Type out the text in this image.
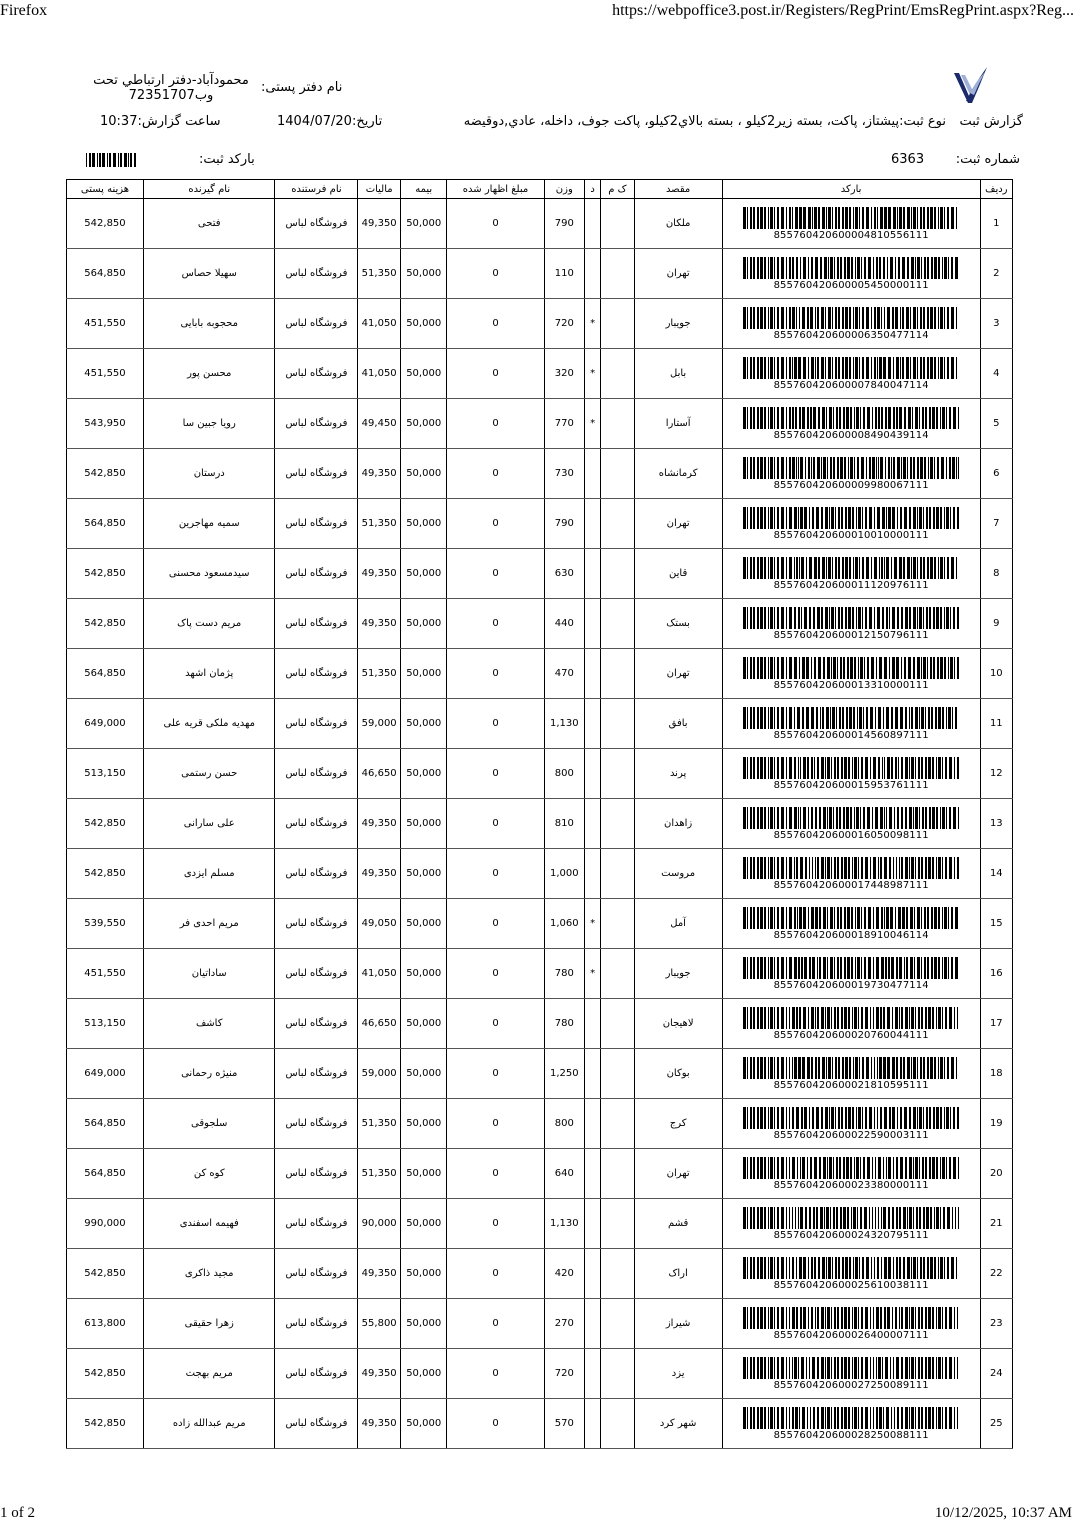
Firefox	https://webpoffice3.post.ir/Registers/RegPrint/EmsRegPrint.aspx?Reg...
گزارش ثبت
نوع ثبت:پیشتاز، پاکت، بسته زیر2کیلو ، بسته بالاي2کیلو، پاکت جوف، داخله، عادي,دوقیضه
تاریخ:1404/07/20
ساعت گزارش:10:37
نام دفتر پستی:
محمودآباد-دفتر ارتباطي تحت
وب72351707
شماره ثبت:
6363
بارکد ثبت:
ردیف	بارکد	مقصد	ک م	د	وزن	مبلغ اظهار شده	بیمه	مالیات	نام فرستنده	نام گیرنده	هزینه پستی
1	855760420600004810556111	ملکان			790	0	50,000	49,350	فروشگاه لباس	فتحی	542,850
2	855760420600005450000111	تهران			110	0	50,000	51,350	فروشگاه لباس	سهیلا حصاس	564,850
3	855760420600006350477114	جویبار		*	720	0	50,000	41,050	فروشگاه لباس	محجوبه بابایی	451,550
4	855760420600007840047114	بابل		*	320	0	50,000	41,050	فروشگاه لباس	محسن پور	451,550
5	855760420600008490439114	آستارا		*	770	0	50,000	49,450	فروشگاه لباس	رویا جبین سا	543,950
6	855760420600009980067111	کرمانشاه			730	0	50,000	49,350	فروشگاه لباس	درستان	542,850
7	855760420600010010000111	تهران			790	0	50,000	51,350	فروشگاه لباس	سمیه مهاجرین	564,850
8	855760420600011120976111	قاین			630	0	50,000	49,350	فروشگاه لباس	سیدمسعود محسنی	542,850
9	855760420600012150796111	بستک			440	0	50,000	49,350	فروشگاه لباس	مریم دست پاک	542,850
10	855760420600013310000111	تهران			470	0	50,000	51,350	فروشگاه لباس	پژمان اشهد	564,850
11	855760420600014560897111	بافق			1,130	0	50,000	59,000	فروشگاه لباس	مهدیه ملکی قریه علی	649,000
12	855760420600015953761111	پرند			800	0	50,000	46,650	فروشگاه لباس	حسن رستمی	513,150
13	855760420600016050098111	زاهدان			810	0	50,000	49,350	فروشگاه لباس	علی سارانی	542,850
14	855760420600017448987111	مروست			1,000	0	50,000	49,350	فروشگاه لباس	مسلم ایزدی	542,850
15	855760420600018910046114	آمل		*	1,060	0	50,000	49,050	فروشگاه لباس	مریم احدی فر	539,550
16	855760420600019730477114	جویبار		*	780	0	50,000	41,050	فروشگاه لباس	ساداتیان	451,550
17	855760420600020760044111	لاهیجان			780	0	50,000	46,650	فروشگاه لباس	کاشف	513,150
18	855760420600021810595111	بوکان			1,250	0	50,000	59,000	فروشگاه لباس	منیژه رحمانی	649,000
19	855760420600022590003111	کرج			800	0	50,000	51,350	فروشگاه لباس	سلجوقی	564,850
20	855760420600023380000111	تهران			640	0	50,000	51,350	فروشگاه لباس	کوه کن	564,850
21	855760420600024320795111	قشم			1,130	0	50,000	90,000	فروشگاه لباس	فهیمه اسفندی	990,000
22	855760420600025610038111	اراک			420	0	50,000	49,350	فروشگاه لباس	مجید ذاکری	542,850
23	855760420600026400007111	شیراز			270	0	50,000	55,800	فروشگاه لباس	زهرا حقیقی	613,800
24	855760420600027250089111	یزد			720	0	50,000	49,350	فروشگاه لباس	مریم بهجت	542,850
25	855760420600028250088111	شهر کرد			570	0	50,000	49,350	فروشگاه لباس	مریم عبدالله زاده	542,850
1 of 2	10/12/2025, 10:37 AM
